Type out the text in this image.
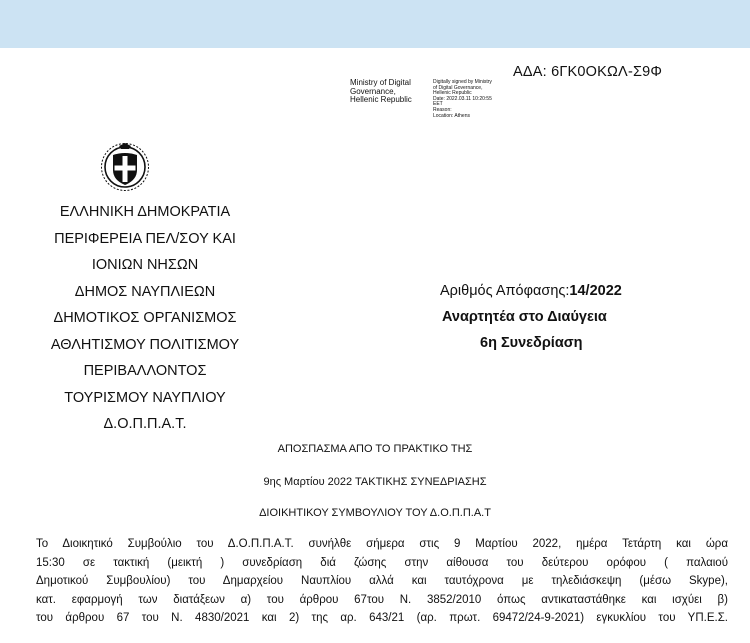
ΑΔΑ: 6ΓΚ0ΟΚΩΛ-Σ9Φ
Ministry of Digital
Governance,
Hellenic Republic
Digitally signed by Ministry
of Digital Governance,
Hellenic Republic
Date: 2022.03.11 10:20:55
EET
Reason:
Location: Athens
ΕΛΛΗΝΙΚΗ ΔΗΜΟΚΡΑΤΙΑ
ΠΕΡΙΦΕΡΕΙΑ ΠΕΛ/ΣΟΥ ΚΑΙ
ΙΟΝΙΩΝ ΝΗΣΩΝ
ΔΗΜΟΣ ΝΑΥΠΛΙΕΩΝ
ΔΗΜΟΤΙΚΟΣ ΟΡΓΑΝΙΣΜΟΣ
ΑΘΛΗΤΙΣΜΟΥ ΠΟΛΙΤΙΣΜΟΥ
ΠΕΡΙΒΑΛΛΟΝΤΟΣ
ΤΟΥΡΙΣΜΟΥ ΝΑΥΠΛΙΟΥ
Δ.Ο.Π.Π.Α.Τ.
Αριθμός Απόφασης:14/2022
Αναρτητέα στο Διαύγεια
6η Συνεδρίαση
ΑΠΟΣΠΑΣΜΑ ΑΠΟ ΤΟ ΠΡΑΚΤΙΚΟ ΤΗΣ
9ης Μαρτίου 2022 ΤΑΚΤΙΚΗΣ ΣΥΝΕΔΡΙΑΣΗΣ
ΔΙΟΙΚΗΤΙΚΟΥ ΣΥΜΒΟΥΛΙΟΥ ΤΟΥ Δ.Ο.Π.Π.Α.Τ
Το Διοικητικό Συμβούλιο του Δ.Ο.Π.Π.Α.Τ. συνήλθε σήμερα στις 9 Μαρτίου 2022, ημέρα Τετάρτη και ώρα
15:30 σε τακτική (μεικτή ) συνεδρίαση διά ζώσης στην αίθουσα του δεύτερου ορόφου ( παλαιού
Δημοτικού Συμβουλίου) του Δημαρχείου Ναυπλίου αλλά και ταυτόχρονα με τηλεδιάσκεψη (μέσω Skype),
κατ. εφαρμογή των διατάξεων α) του άρθρου 67του Ν. 3852/2010 όπως αντικαταστάθηκε και ισχύει β)
του άρθρου 67 του Ν. 4830/2021 και 2) της αρ. 643/21 (αρ. πρωτ. 69472/24-9-2021) εγκυκλίου του ΥΠ.Ε.Σ.
